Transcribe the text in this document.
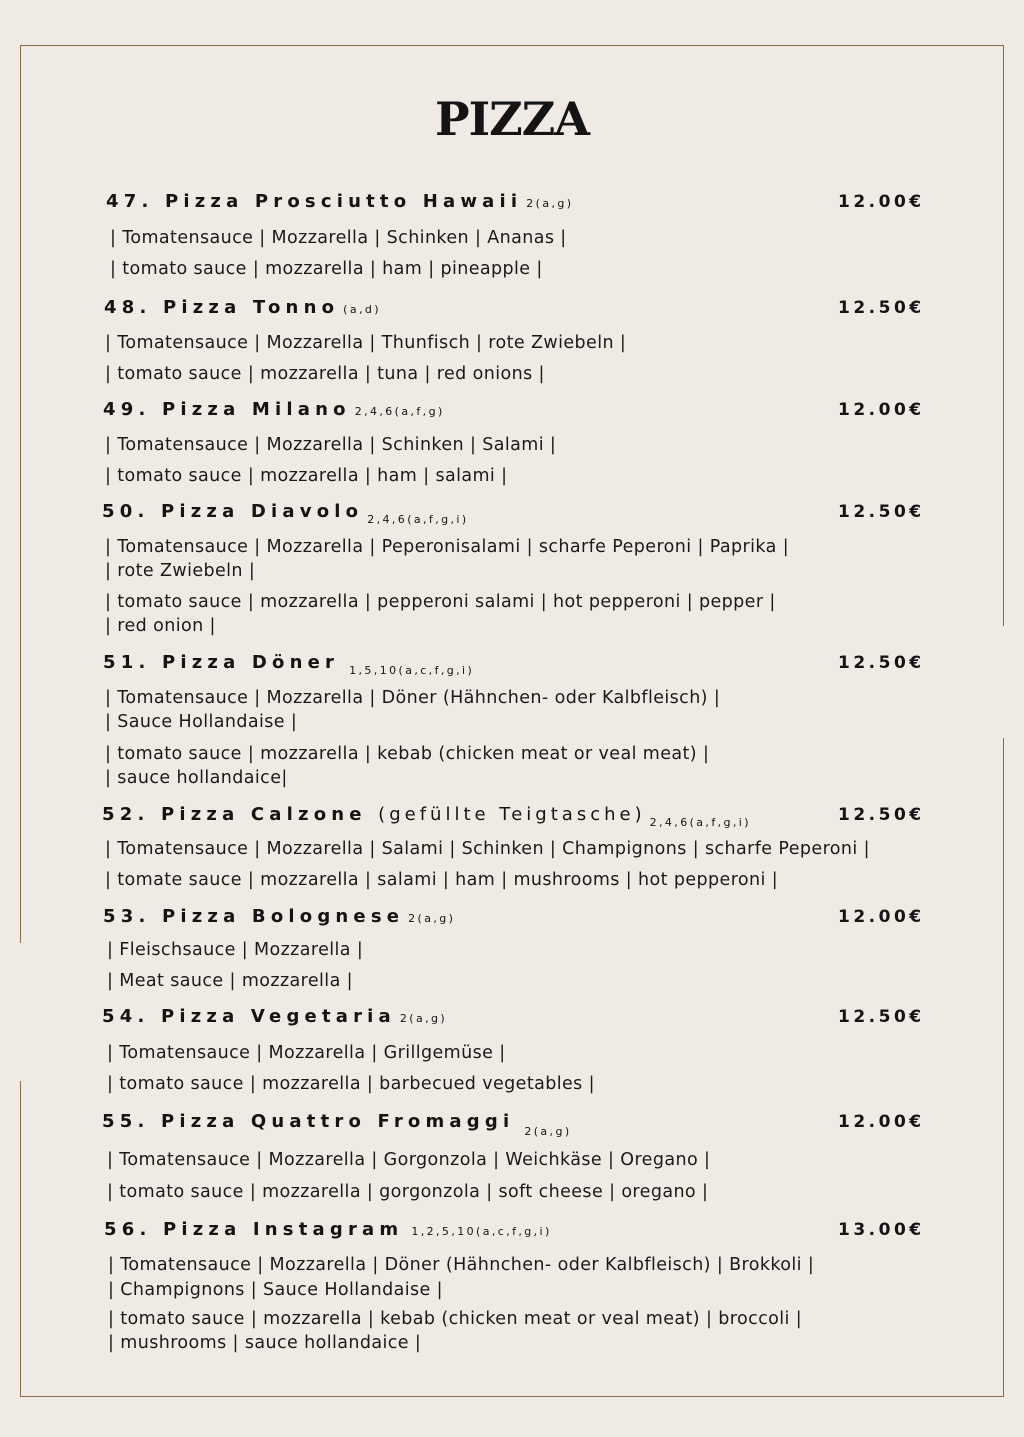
PIZZA
47. Pizza Prosciutto Hawaii 2(a,g)	12.00€
| Tomatensauce | Mozzarella | Schinken | Ananas |
| tomato sauce | mozzarella | ham | pineapple |
48. Pizza Tonno (a,d)	12.50€
| Tomatensauce | Mozzarella | Thunfisch | rote Zwiebeln |
| tomato sauce | mozzarella | tuna | red onions |
49. Pizza Milano 2,4,6(a,f,g)	12.00€
| Tomatensauce | Mozzarella | Schinken | Salami |
| tomato sauce | mozzarella | ham | salami |
50. Pizza Diavolo $_{2,4,6(a,f,g,i)}$	12.50€
| Tomatensauce | Mozzarella | Peperonisalami | scharfe Peperoni | Paprika |
| rote Zwiebeln |
| tomato sauce | mozzarella | pepperoni salami | hot pepperoni | pepper |
| red onion |
51. Pizza Döner $_{1,5,10(a,c,f,g,i)}$	12.50€
| Tomatensauce | Mozzarella | Döner (Hähnchen- oder Kalbfleisch) |
| Sauce Hollandaise |
| tomato sauce | mozzarella | kebab (chicken meat or veal meat) |
| sauce hollandaice|
52. Pizza Calzone (gefüllte Teigtasche) $_{2,4,6(a,f,g,i)}$	12.50€
| Tomatensauce | Mozzarella | Salami | Schinken | Champignons | scharfe Peperoni |
| tomate sauce | mozzarella | salami | ham | mushrooms | hot pepperoni |
53. Pizza Bolognese 2(a,g)	12.00€
| Fleischsauce | Mozzarella |
| Meat sauce | mozzarella |
54. Pizza Vegetaria 2(a,g)	12.50€
| Tomatensauce | Mozzarella | Grillgemüse |
| tomato sauce | mozzarella | barbecued vegetables |
55. Pizza Quattro Fromaggi $_{2(a,g)}$	12.00€
| Tomatensauce | Mozzarella | Gorgonzola | Weichkäse | Oregano |
| tomato sauce | mozzarella | gorgonzola | soft cheese | oregano |
56. Pizza Instagram 1,2,5,10(a,c,f,g,i)	13.00€
| Tomatensauce | Mozzarella | Döner (Hähnchen- oder Kalbfleisch) | Brokkoli |
| Champignons | Sauce Hollandaise |
| tomato sauce | mozzarella | kebab (chicken meat or veal meat) | broccoli |
| mushrooms | sauce hollandaice |
